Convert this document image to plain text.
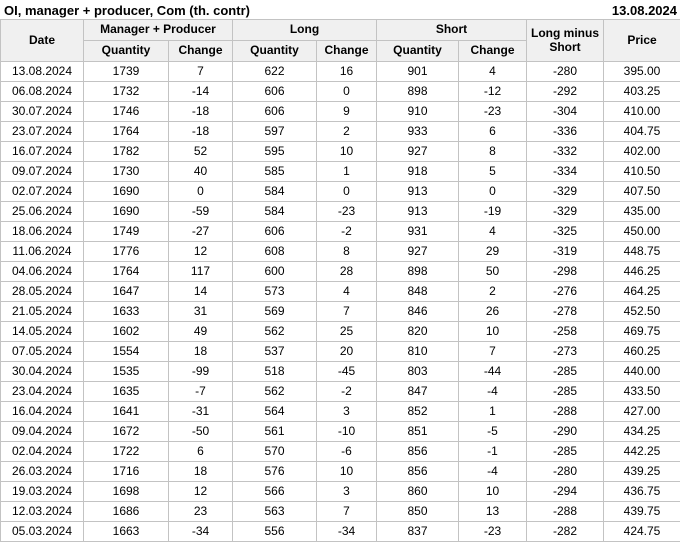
OI, manager + producer, Com (th. contr)	13.08.2024
Date	Manager + Producer		Long		Short		Long minus Short	Price
	Quantity	Change	Quantity	Change	Quantity	Change		
13.08.2024	1739	7	622	16	901	4	-280	395.00
06.08.2024	1732	-14	606	0	898	-12	-292	403.25
30.07.2024	1746	-18	606	9	910	-23	-304	410.00
23.07.2024	1764	-18	597	2	933	6	-336	404.75
16.07.2024	1782	52	595	10	927	8	-332	402.00
09.07.2024	1730	40	585	1	918	5	-334	410.50
02.07.2024	1690	0	584	0	913	0	-329	407.50
25.06.2024	1690	-59	584	-23	913	-19	-329	435.00
18.06.2024	1749	-27	606	-2	931	4	-325	450.00
11.06.2024	1776	12	608	8	927	29	-319	448.75
04.06.2024	1764	117	600	28	898	50	-298	446.25
28.05.2024	1647	14	573	4	848	2	-276	464.25
21.05.2024	1633	31	569	7	846	26	-278	452.50
14.05.2024	1602	49	562	25	820	10	-258	469.75
07.05.2024	1554	18	537	20	810	7	-273	460.25
30.04.2024	1535	-99	518	-45	803	-44	-285	440.00
23.04.2024	1635	-7	562	-2	847	-4	-285	433.50
16.04.2024	1641	-31	564	3	852	1	-288	427.00
09.04.2024	1672	-50	561	-10	851	-5	-290	434.25
02.04.2024	1722	6	570	-6	856	-1	-285	442.25
26.03.2024	1716	18	576	10	856	-4	-280	439.25
19.03.2024	1698	12	566	3	860	10	-294	436.75
12.03.2024	1686	23	563	7	850	13	-288	439.75
05.03.2024	1663	-34	556	-34	837	-23	-282	424.75
